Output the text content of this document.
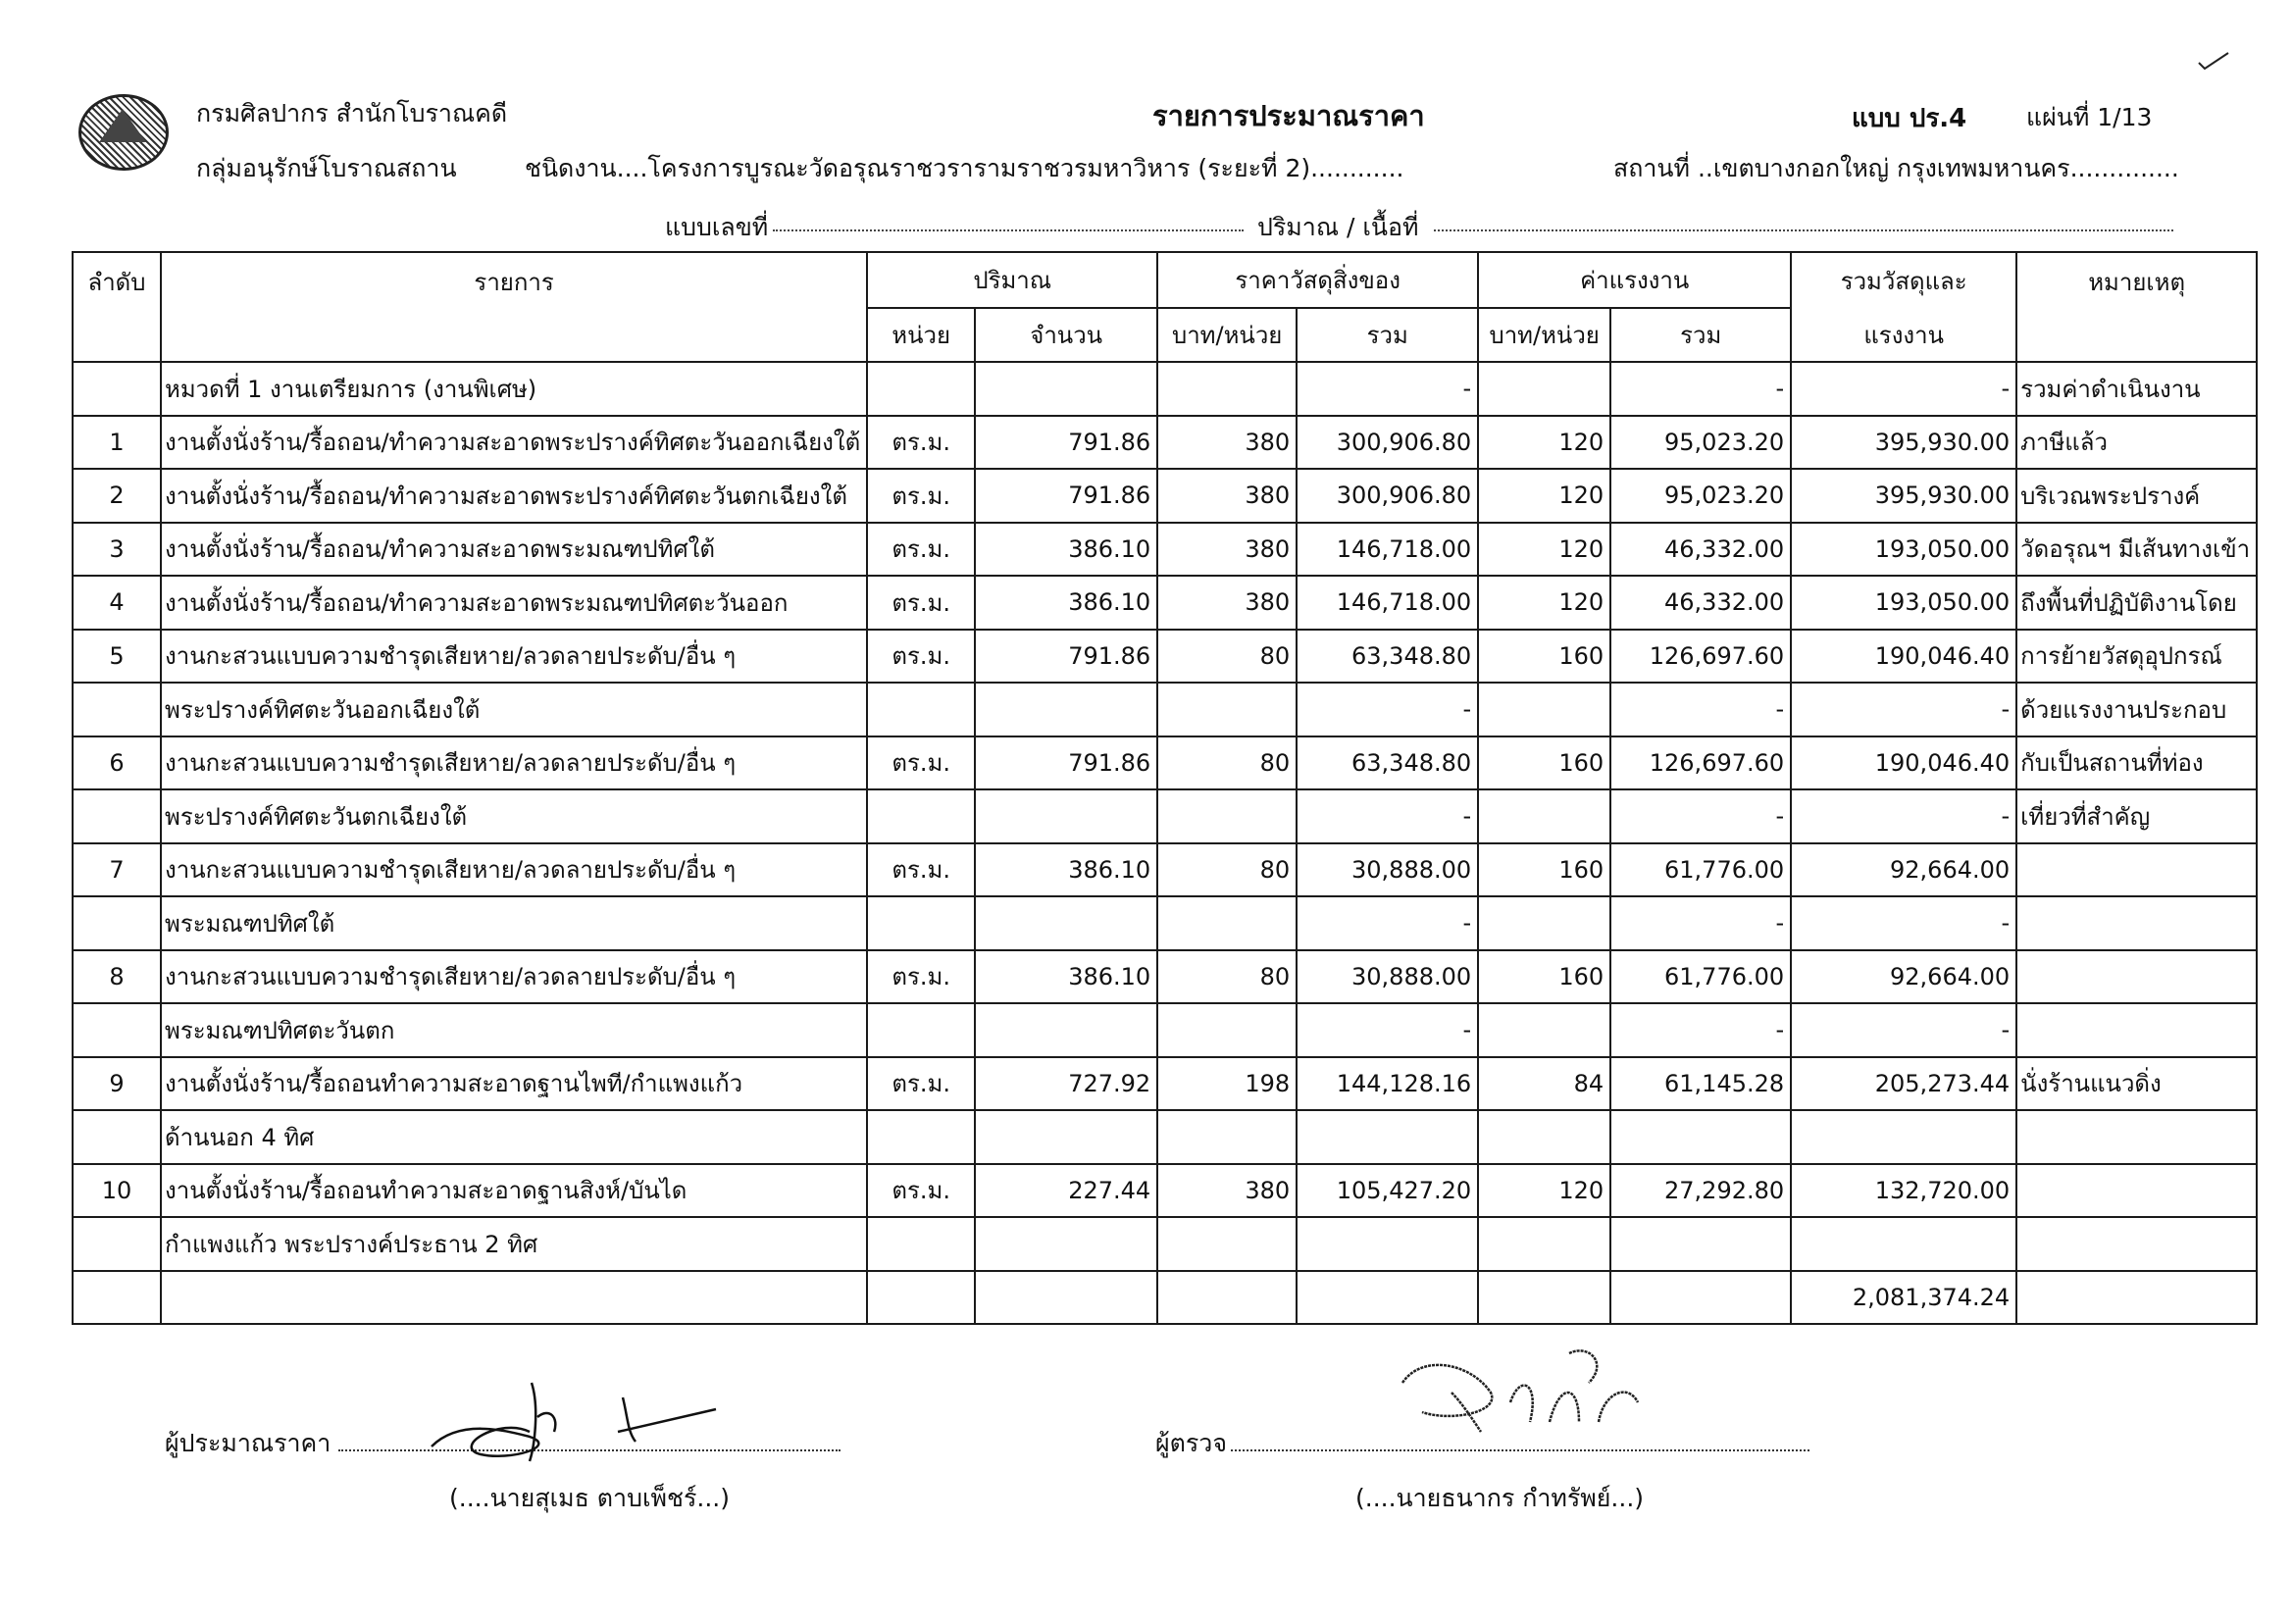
กรมศิลปากร สำนักโบราณคดี
กลุ่มอนุรักษ์โบราณสถาน
รายการประมาณราคา	แบบ ปร.4 แผ่นที่ 1/13
ชนิดงาน....โครงการบูรณะวัดอรุณราชวรารามราชวรมหาวิหาร (ระยะที่ 2)............	สถานที่ ..เขตบางกอกใหญ่ กรุงเทพมหานคร..............
แบบเลขที่	ปริมาณ / เนื้อที่
ลำดับ	รายการ	ปริมาณ		ราคาวัสดุสิ่งของ		ค่าแรงงาน		รวมวัสดุและ	หมายเหตุ
		หน่วย	จำนวน	บาท/หน่วย	รวม	บาท/หน่วย	รวม	แรงงาน	
	หมวดที่ 1 งานเตรียมการ (งานพิเศษ)				-		-	-	รวมค่าดำเนินงาน
1	งานตั้งนั่งร้าน/รื้อถอน/ทำความสะอาดพระปรางค์ทิศตะวันออกเฉียงใต้	ตร.ม.	791.86	380	300,906.80	120	95,023.20	395,930.00	ภาษีแล้ว
2	งานตั้งนั่งร้าน/รื้อถอน/ทำความสะอาดพระปรางค์ทิศตะวันตกเฉียงใต้	ตร.ม.	791.86	380	300,906.80	120	95,023.20	395,930.00	บริเวณพระปรางค์
3	งานตั้งนั่งร้าน/รื้อถอน/ทำความสะอาดพระมณฑปทิศใต้	ตร.ม.	386.10	380	146,718.00	120	46,332.00	193,050.00	วัดอรุณฯ มีเส้นทางเข้า
4	งานตั้งนั่งร้าน/รื้อถอน/ทำความสะอาดพระมณฑปทิศตะวันออก	ตร.ม.	386.10	380	146,718.00	120	46,332.00	193,050.00	ถึงพื้นที่ปฏิบัติงานโดย
5	งานกะสวนแบบความชำรุดเสียหาย/ลวดลายประดับ/อื่น ๆ	ตร.ม.	791.86	80	63,348.80	160	126,697.60	190,046.40	การย้ายวัสดุอุปกรณ์
	พระปรางค์ทิศตะวันออกเฉียงใต้				-		-	-	ด้วยแรงงานประกอบ
6	งานกะสวนแบบความชำรุดเสียหาย/ลวดลายประดับ/อื่น ๆ	ตร.ม.	791.86	80	63,348.80	160	126,697.60	190,046.40	กับเป็นสถานที่ท่อง
	พระปรางค์ทิศตะวันตกเฉียงใต้				-		-	-	เที่ยวที่สำคัญ
7	งานกะสวนแบบความชำรุดเสียหาย/ลวดลายประดับ/อื่น ๆ	ตร.ม.	386.10	80	30,888.00	160	61,776.00	92,664.00	
	พระมณฑปทิศใต้				-		-	-	
8	งานกะสวนแบบความชำรุดเสียหาย/ลวดลายประดับ/อื่น ๆ	ตร.ม.	386.10	80	30,888.00	160	61,776.00	92,664.00	
	พระมณฑปทิศตะวันตก				-		-	-	
9	งานตั้งนั่งร้าน/รื้อถอนทำความสะอาดฐานไพที/กำแพงแก้ว	ตร.ม.	727.92	198	144,128.16	84	61,145.28	205,273.44	นั่งร้านแนวดิ่ง
	ด้านนอก 4 ทิศ								
10	งานตั้งนั่งร้าน/รื้อถอนทำความสะอาดฐานสิงห์/บันได	ตร.ม.	227.44	380	105,427.20	120	27,292.80	132,720.00	
	กำแพงแก้ว พระปรางค์ประธาน 2 ทิศ								
								2,081,374.24	
ผู้ประมาณราคา
(....นายสุเมธ ตาบเพ็ชร์...)
ผู้ตรวจ
(....นายธนากร กำทรัพย์...)
